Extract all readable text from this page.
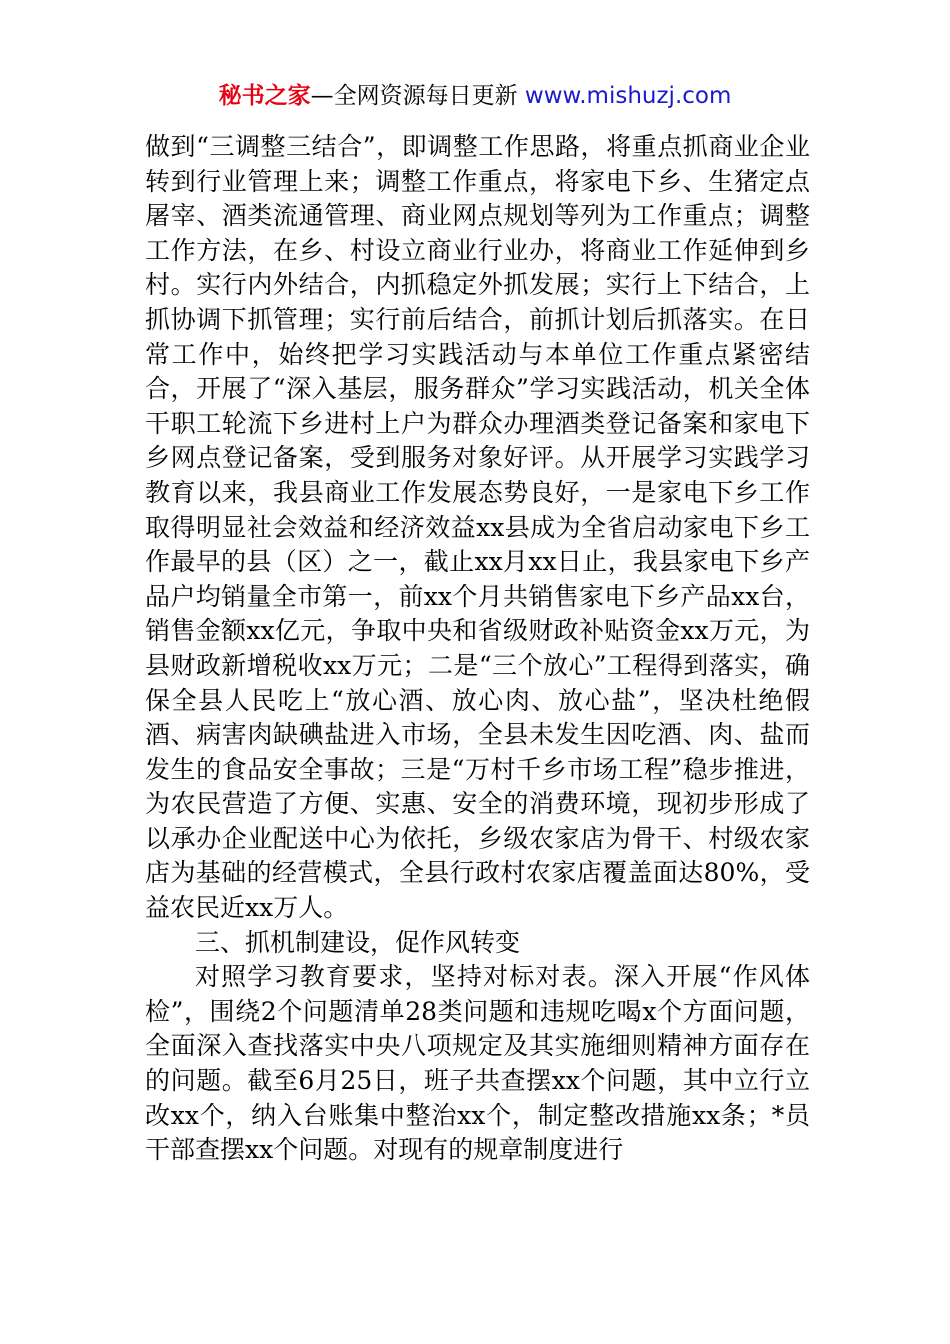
秘书之家—全网资源每日更新 www.mishuzj.com

做到“三调整三结合”，即调整工作思路，将重点抓商业企业转到行业管理上来；调整工作重点，将家电下乡、生猪定点屠宰、酒类流通管理、商业网点规划等列为工作重点；调整工作方法，在乡、村设立商业行业办，将商业工作延伸到乡村。实行内外结合，内抓稳定外抓发展；实行上下结合，上抓协调下抓管理；实行前后结合，前抓计划后抓落实。在日常工作中，始终把学习实践活动与本单位工作重点紧密结合，开展了“深入基层，服务群众”学习实践活动，机关全体干职工轮流下乡进村上户为群众办理酒类登记备案和家电下乡网点登记备案，受到服务对象好评。从开展学习实践学习教育以来，我县商业工作发展态势良好，一是家电下乡工作取得明显社会效益和经济效益xx县成为全省启动家电下乡工作最早的县（区）之一，截止xx月xx日止，我县家电下乡产品户均销量全市第一，前xx个月共销售家电下乡产品xx台，销售金额xx亿元，争取中央和省级财政补贴资金xx万元，为县财政新增税收xx万元；二是“三个放心”工程得到落实，确保全县人民吃上“放心酒、放心肉、放心盐”，坚决杜绝假酒、病害肉缺碘盐进入市场，全县未发生因吃酒、肉、盐而发生的食品安全事故；三是“万村千乡市场工程”稳步推进，为农民营造了方便、实惠、安全的消费环境，现初步形成了以承办企业配送中心为依托，乡级农家店为骨干、村级农家店为基础的经营模式，全县行政村农家店覆盖面达80%，受益农民近xx万人。

三、抓机制建设，促作风转变

对照学习教育要求，坚持对标对表。深入开展“作风体检”，围绕2个问题清单28类问题和违规吃喝x个方面问题，全面深入查找落实中央八项规定及其实施细则精神方面存在的问题。截至6月25日，班子共查摆xx个问题，其中立行立改xx个，纳入台账集中整治xx个，制定整改措施xx条；*员干部查摆xx个问题。对现有的规章制度进行
